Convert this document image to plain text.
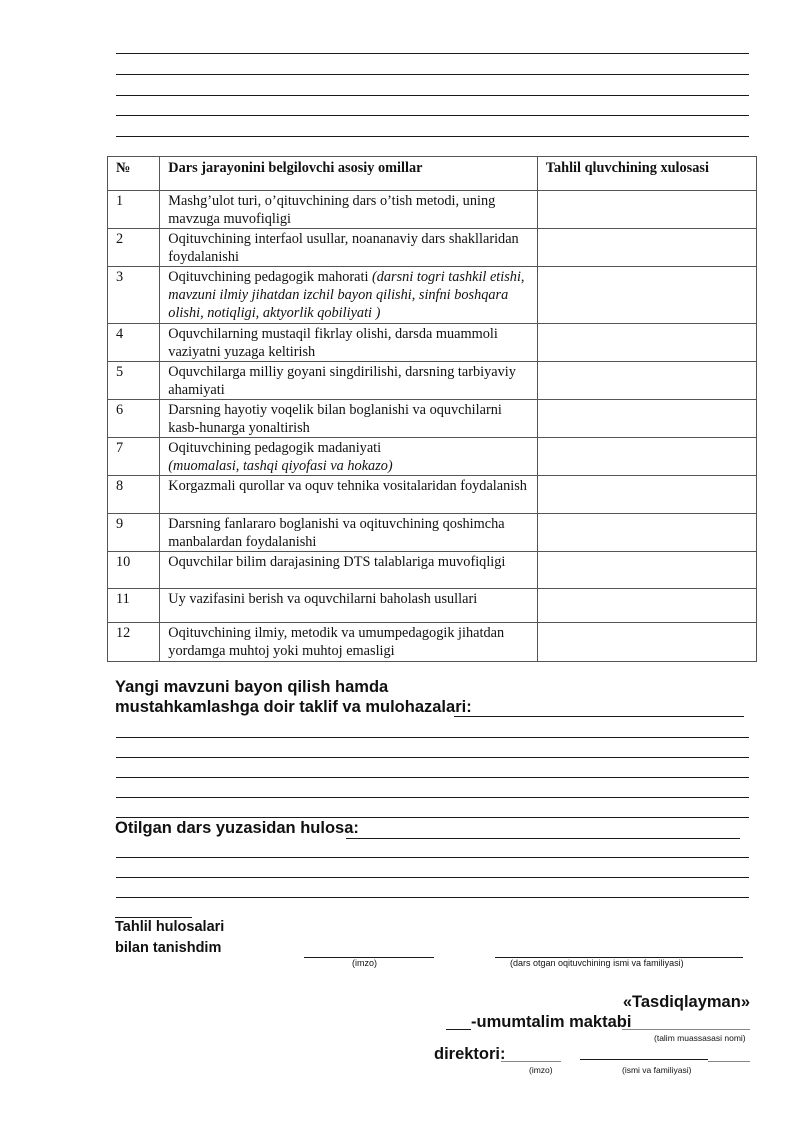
№	Dars jarayonini belgilovchi asosiy omillar	Tahlil qluvchining xulosasi
1	Mashg’ulot turi, o’qituvchining dars o’tish metodi, uning mavzuga muvofiqligi	
2	Oqituvchining interfaol usullar, noananaviy dars shakllaridan foydalanishi	
3	Oqituvchining pedagogik mahorati (darsni togri tashkil etishi, mavzuni ilmiy jihatdan izchil bayon qilishi, sinfni boshqara olishi, notiqligi, aktyorlik qobiliyati )	
4	Oquvchilarning mustaqil fikrlay olishi, darsda muammoli vaziyatni yuzaga keltirish	
5	Oquvchilarga milliy goyani singdirilishi, darsning tarbiyaviy ahamiyati	
6	Darsning hayotiy voqelik bilan boglanishi va oquvchilarni kasb-hunarga yonaltirish	
7	Oqituvchining pedagogik madaniyati
(muomalasi, tashqi qiyofasi va hokazo)	
8	Korgazmali qurollar va oquv tehnika vositalaridan foydalanish	
9	Darsning fanlararo boglanishi va oqituvchining qoshimcha manbalardan foydalanishi	
10	Oquvchilar bilim darajasining DTS talablariga muvofiqligi	
11	Uy vazifasini berish va oquvchilarni baholash usullari	
12	Oqituvchining ilmiy, metodik va umumpedagogik jihatdan yordamga muhtoj yoki muhtoj emasligi	
Yangi mavzuni bayon qilish hamda
mustahkamlashga doir taklif va mulohazalari:
Otilgan dars yuzasidan hulosa:
Tahlil hulosalari
bilan tanishdim
(imzo)	(dars otgan oqituvchining ismi va familiyasi)
«Tasdiqlayman»
-umumtalim maktabi
(talim muassasasi nomi)
direktori:
(imzo)	(ismi va familiyasi)
